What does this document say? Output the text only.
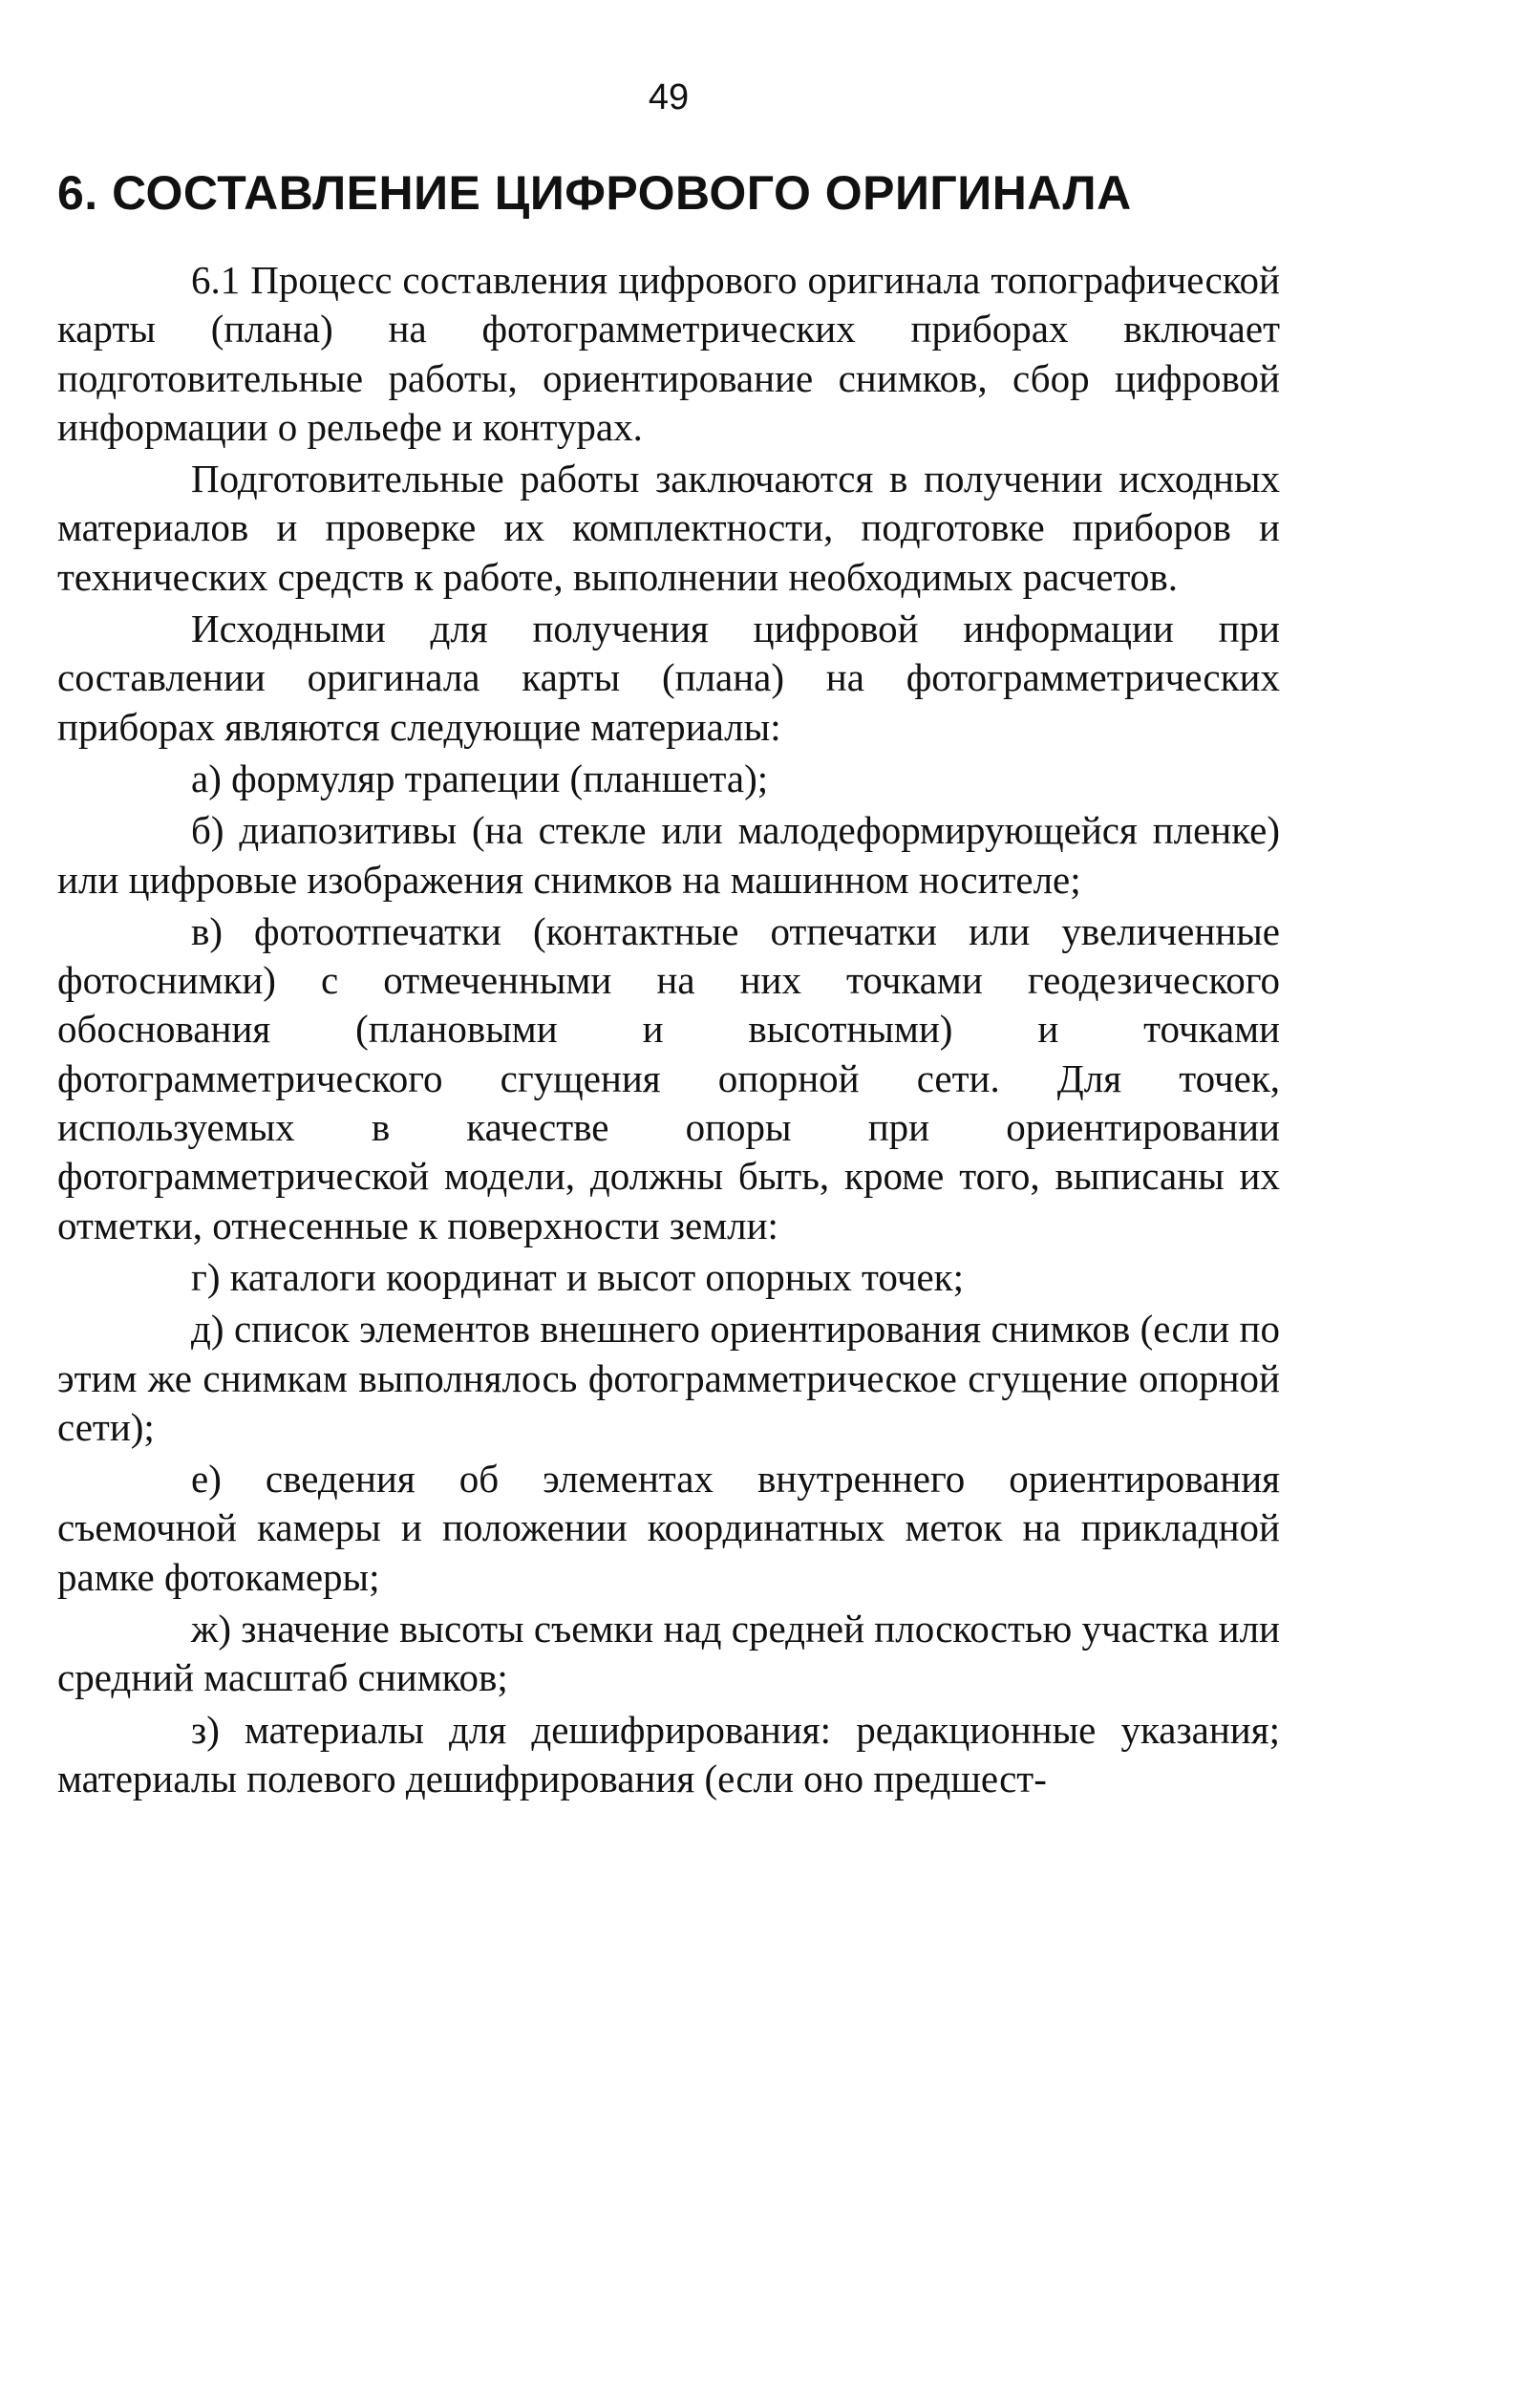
49
6. СОСТАВЛЕНИЕ ЦИФРОВОГО ОРИГИНАЛА

6.1 Процесс составления цифрового оригинала топографической карты (плана) на фотограмметрических приборах включает подготовительные работы, ориентирование снимков, сбор цифровой информации о рельефе и контурах.

Подготовительные работы заключаются в получении исходных материалов и проверке их комплектности, подготовке приборов и технических средств к работе, выполнении необходимых расчетов.

Исходными для получения цифровой информации при составлении оригинала карты (плана) на фотограмметрических приборах являются следующие материалы:

а) формуляр трапеции (планшета);

б) диапозитивы (на стекле или малодеформирующейся пленке) или цифровые изображения снимков на машинном носителе;

в) фотоотпечатки (контактные отпечатки или увеличенные фотоснимки) с отмеченными на них точками геодезического обоснования (плановыми и высотными) и точками фотограмметрического сгущения опорной сети. Для точек, используемых в качестве опоры при ориентировании фотограмметрической модели, должны быть, кроме того, выписаны их отметки, отнесенные к поверхности земли:

г) каталоги координат и высот опорных точек;

д) список элементов внешнего ориентирования снимков (если по этим же снимкам выполнялось фотограмметрическое сгущение опорной сети);

е) сведения об элементах внутреннего ориентирования съемочной камеры и положении координатных меток на прикладной рамке фотокамеры;

ж) значение высоты съемки над средней плоскостью участка или средний масштаб снимков;

з) материалы для дешифрирования: редакционные указания; материалы полевого дешифрирования (если оно предшест-
